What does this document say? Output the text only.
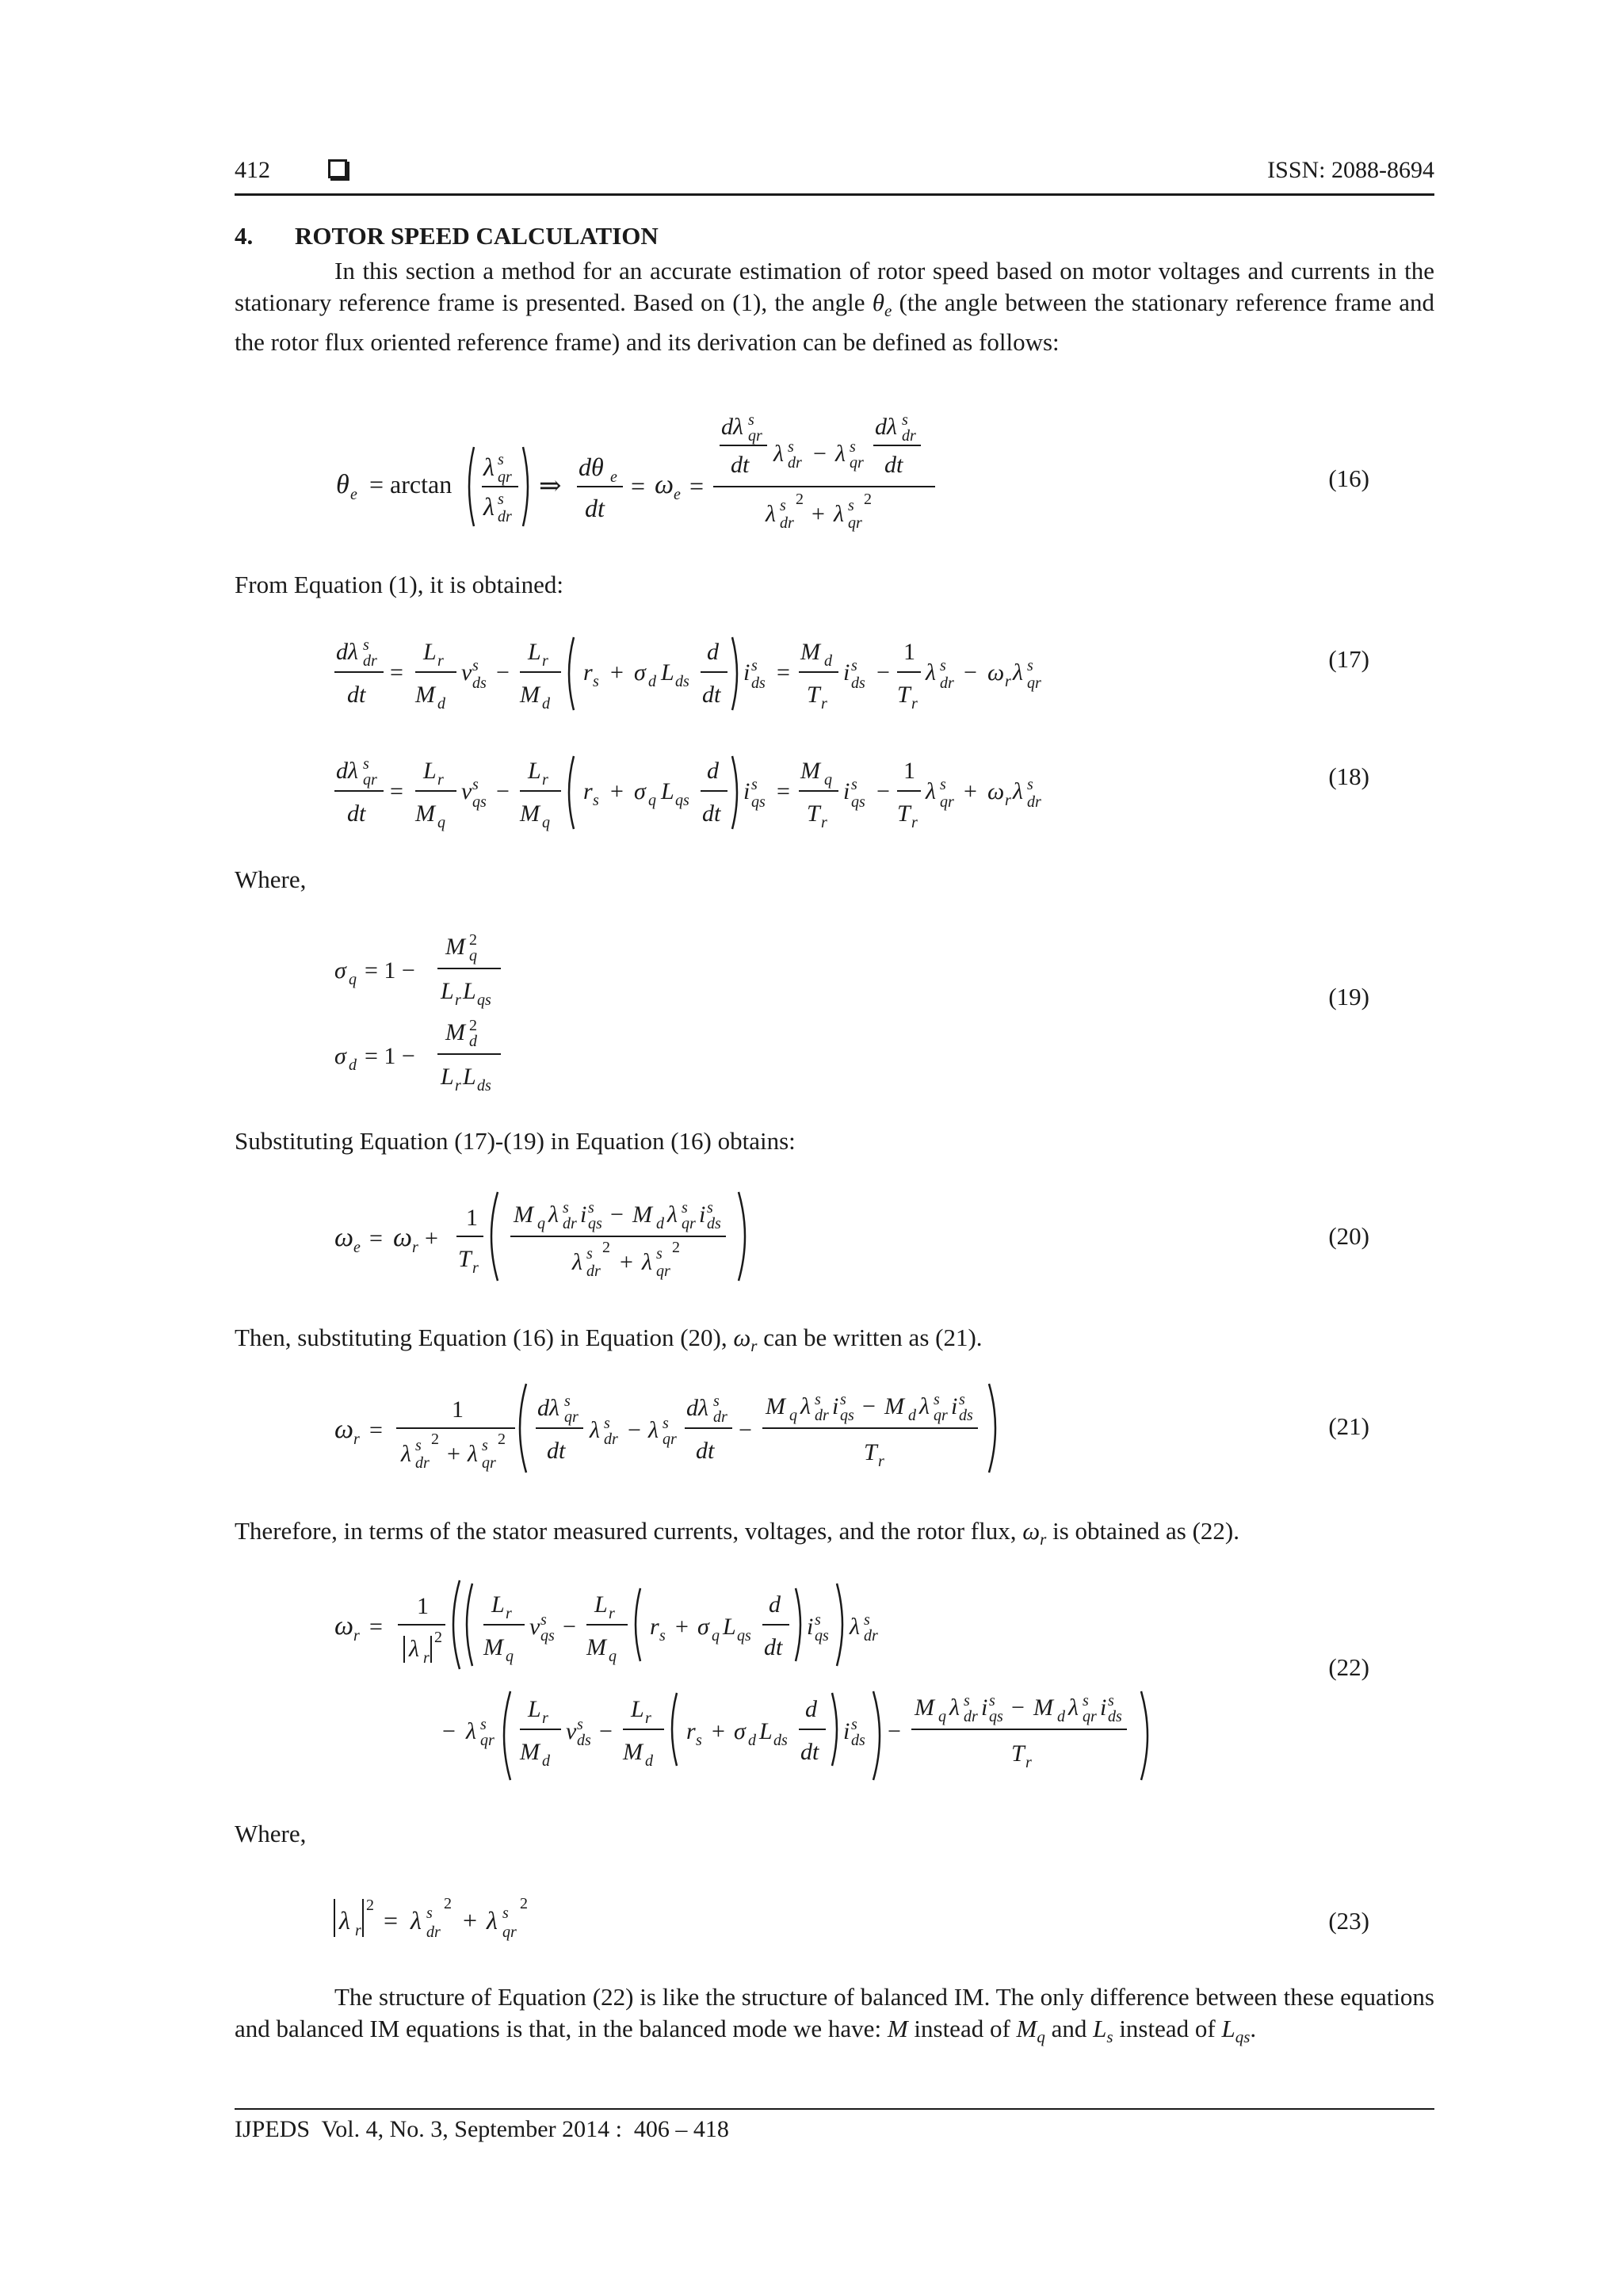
412	ISSN: 2088-8694
4. ROTOR SPEED CALCULATION
In this section a method for an accurate estimation of rotor speed based on motor voltages and currents in the stationary reference frame is presented. Based on (1), the angle $\theta_e$ (the angle between the stationary reference frame and the rotor flux oriented reference frame) and its derivation can be defined as follows:
θ e = arctan
λ s
qr
λ s
dr
⇒
dθ e
dt
= ω e =
dλ s
qr
dt λ s
dr − λ s
qr
dλ s
dr
dt
λ s
dr
2
+ λ s
qr
2
(16)
From Equation (1), it is obtained:
dλ s
dr
dt
=
L r
M d
v s
ds −
L r
M d
r s + σ d L ds
d
dt
i s
ds =
M d
T r
i s
ds −
1
T r
λ s
dr − ω r λ s
qr
(17)
dλ s
qr
dt
=
L r
M q
v s
qs −
L r
M q
r s + σ q L qs
d
dt
i s
qs =
M q
T r
i s
qs −
1
T r
λ s
qr + ω r λ s
dr
(18)
Where,
σ q = 1 −
M 2
q
L r L qs
σ d = 1 −
M 2
d
L r L ds
(19)
Substituting Equation (17)-(19) in Equation (16) obtains:
ω e = ω r +
1
T r
M q λ s
dr i s
qs − M d λ s
qr i s
ds
λ s
dr
2
+ λ s
qr
2	(20)
Then, substituting Equation (16) in Equation (20), $\omega_r$ can be written as (21).
ω r =
1
λ s
dr
2
+ λ s
qr
2
dλ s
qr
dt
λ s
dr − λ s
qr
dλ s
dr
dt
−
M q λ s
dr i s
qs − M d λ s
qr i s
ds
T r
(21)
Therefore, in terms of the stator measured currents, voltages, and the rotor flux, $\omega_r$ is obtained as (22).
ω r =
1
λ r
2
L r
M q
v s
qs −
L r
M q
r s + σ q L qs
d
dt
i s
qs λ s
dr
− λ s
qr
L r
M d
v s
ds −
L r
M d
r s + σ d L ds
d
dt
i s
ds −
M q λ s
dr i s
qs − M d λ s
qr i s
ds
T r
(22)
Where,
λ r
2
= λ s
dr
2
+ λ s
qr
2
(23)
The structure of Equation (22) is like the structure of balanced IM. The only difference between these equations and balanced IM equations is that, in the balanced mode we have: M instead of $M_q$ and $L_s$ instead of $L_{qs}$.
IJPEDS  Vol. 4, No. 3, September 2014 :  406 – 418
